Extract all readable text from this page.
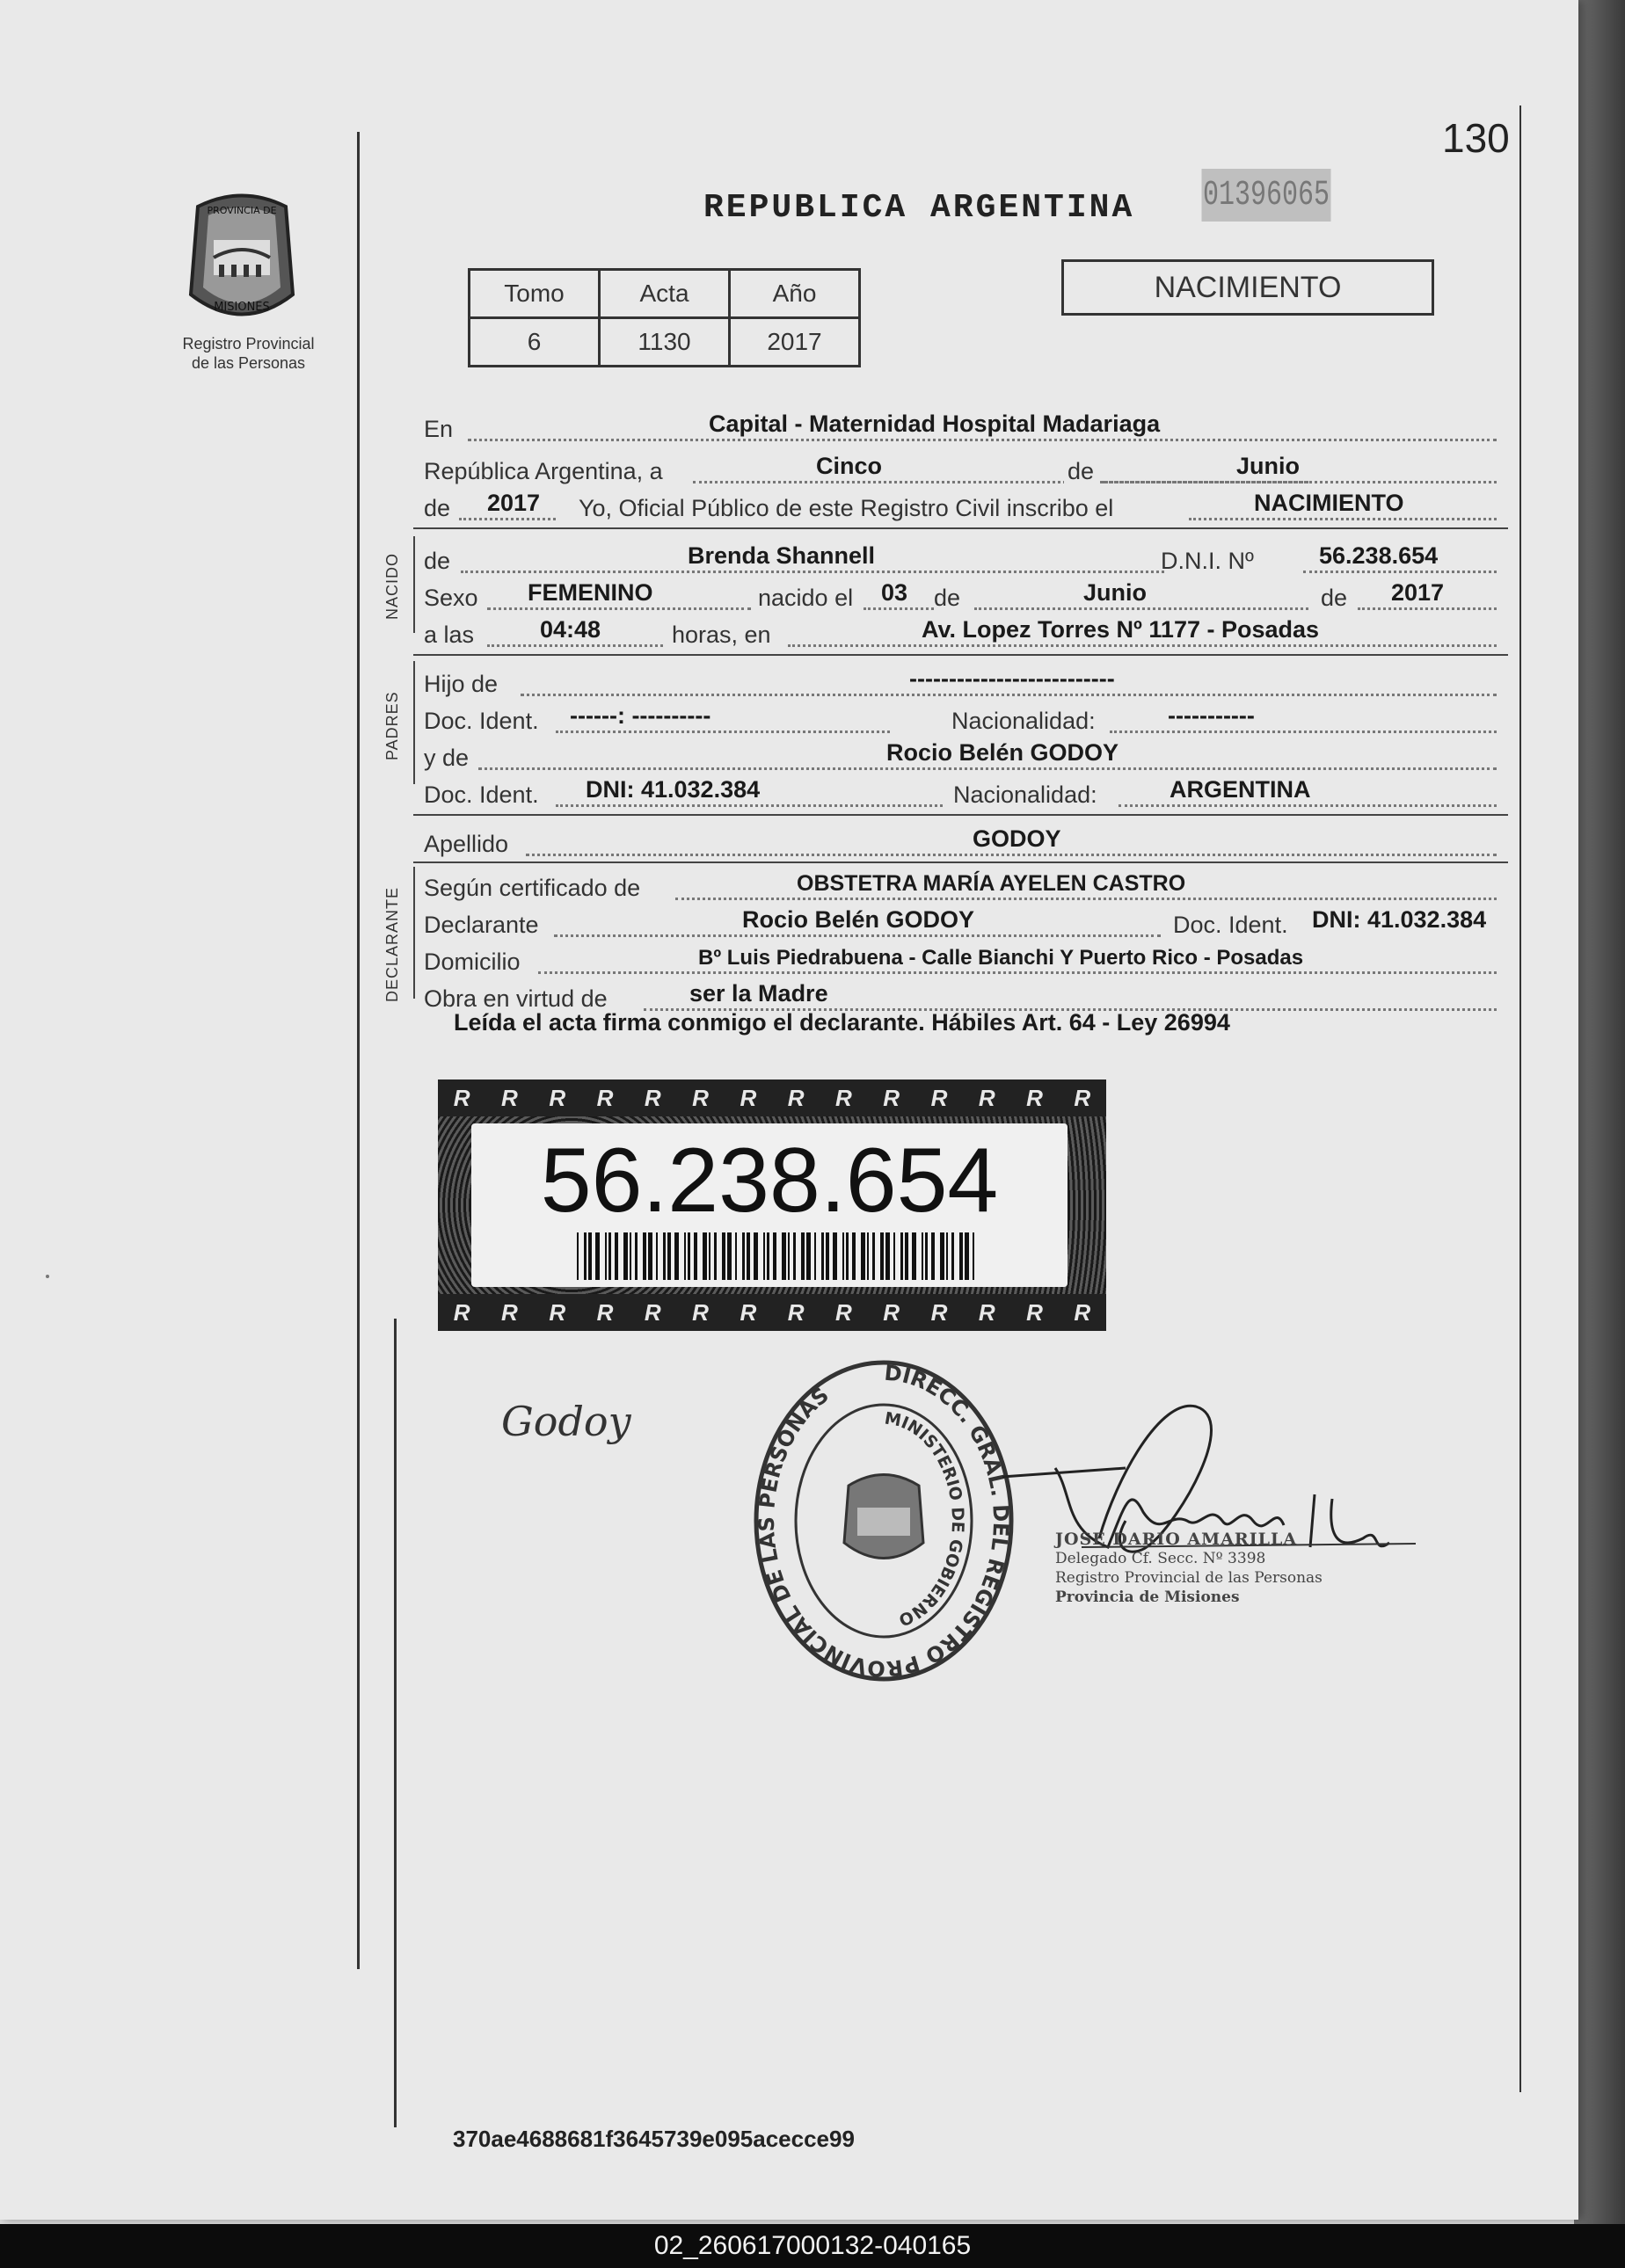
130
PROVINCIA DE
MISIONES
Registro Provincial
de las Personas
REPUBLICA ARGENTINA 01396065
Tomo	Acta	Año
6	1130	2017
NACIMIENTO
En	Capital - Maternidad Hospital Madariaga
República Argentina, a	Cinco	de	Junio
de 2017 Yo, Oficial Público de este Registro Civil inscribo el	NACIMIENTO
NACIDO de	Brenda Shannell	D.N.I. Nº	56.238.654
Sexo FEMENINO	nacido el 03 de	Junio	de 2017
a las	04:48	horas, en	Av. Lopez Torres Nº 1177 - Posadas
PADRES
Hijo de	--------------------------
Doc. Ident. ------: ----------	Nacionalidad:	-----------
y de	Rocio Belén GODOY
Doc. Ident. DNI: 41.032.384	Nacionalidad:	ARGENTINA
Apellido	GODOY
DECLARANTE Según certificado de	OBSTETRA MARÍA AYELEN CASTRO
Declarante	Rocio Belén GODOY	Doc. Ident. DNI: 41.032.384
Domicilio	Bº Luis Piedrabuena - Calle Bianchi Y Puerto Rico - Posadas
Obra en virtud de	ser la Madre
Leída el acta firma conmigo el declarante. Hábiles Art. 64 - Ley 26994
R R R R R R R R R R R R R R
R R R R R R R R R R R R R R
56.238.654
Godoy
DIRECC. GRAL. DEL REGISTRO PROVINCIAL DE LAS PERSONAS
MINISTERIO DE GOBIERNO
JOSE DARIO AMARILLA
Delegado Cf. Secc. Nº 3398
Registro Provincial de las Personas
Provincia de Misiones
370ae4688681f3645739e095acecce99
02_260617000132-040165
